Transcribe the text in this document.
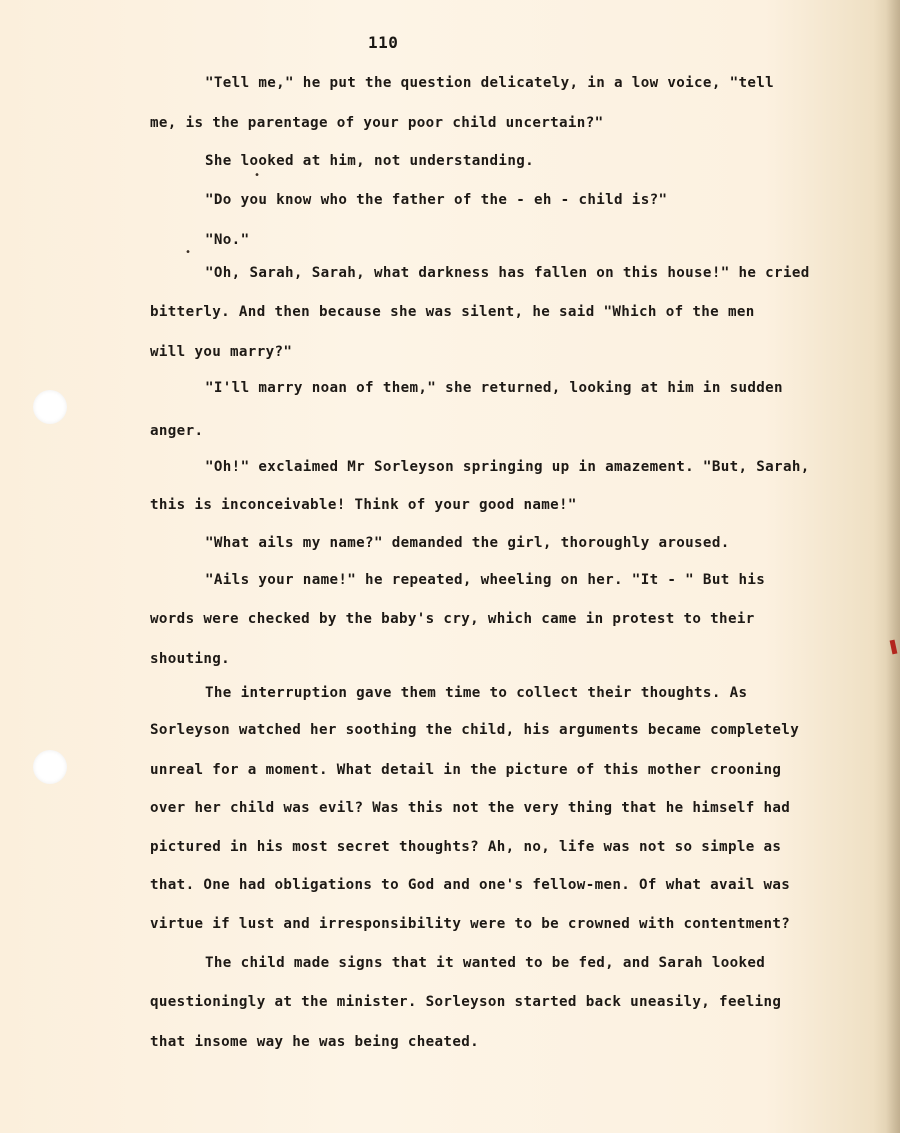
•
•
110
"Tell me," he put the question delicately, in a low voice, "tell
me, is the parentage of your poor child uncertain?"
She looked at him, not understanding.
"Do you know who the father of the - eh - child is?"
"No."
"Oh, Sarah, Sarah, what darkness has fallen on this house!" he cried
bitterly. And then because she was silent, he said "Which of the men
will you marry?"
"I'll marry noan of them," she returned, looking at him in sudden
anger.
"Oh!" exclaimed Mr Sorleyson springing up in amazement. "But, Sarah,
this is inconceivable! Think of your good name!"
"What ails my name?" demanded the girl, thoroughly aroused.
"Ails your name!" he repeated, wheeling on her. "It - " But his
words were checked by the baby's cry, which came in protest to their
shouting.
The interruption gave them time to collect their thoughts. As
Sorleyson watched her soothing the child, his arguments became completely
unreal for a moment. What detail in the picture of this mother crooning
over her child was evil? Was this not the very thing that he himself had
pictured in his most secret thoughts? Ah, no, life was not so simple as
that. One had obligations to God and one's fellow-men. Of what avail was
virtue if lust and irresponsibility were to be crowned with contentment?
The child made signs that it wanted to be fed, and Sarah looked
questioningly at the minister. Sorleyson started back uneasily, feeling
that insome way he was being cheated.
